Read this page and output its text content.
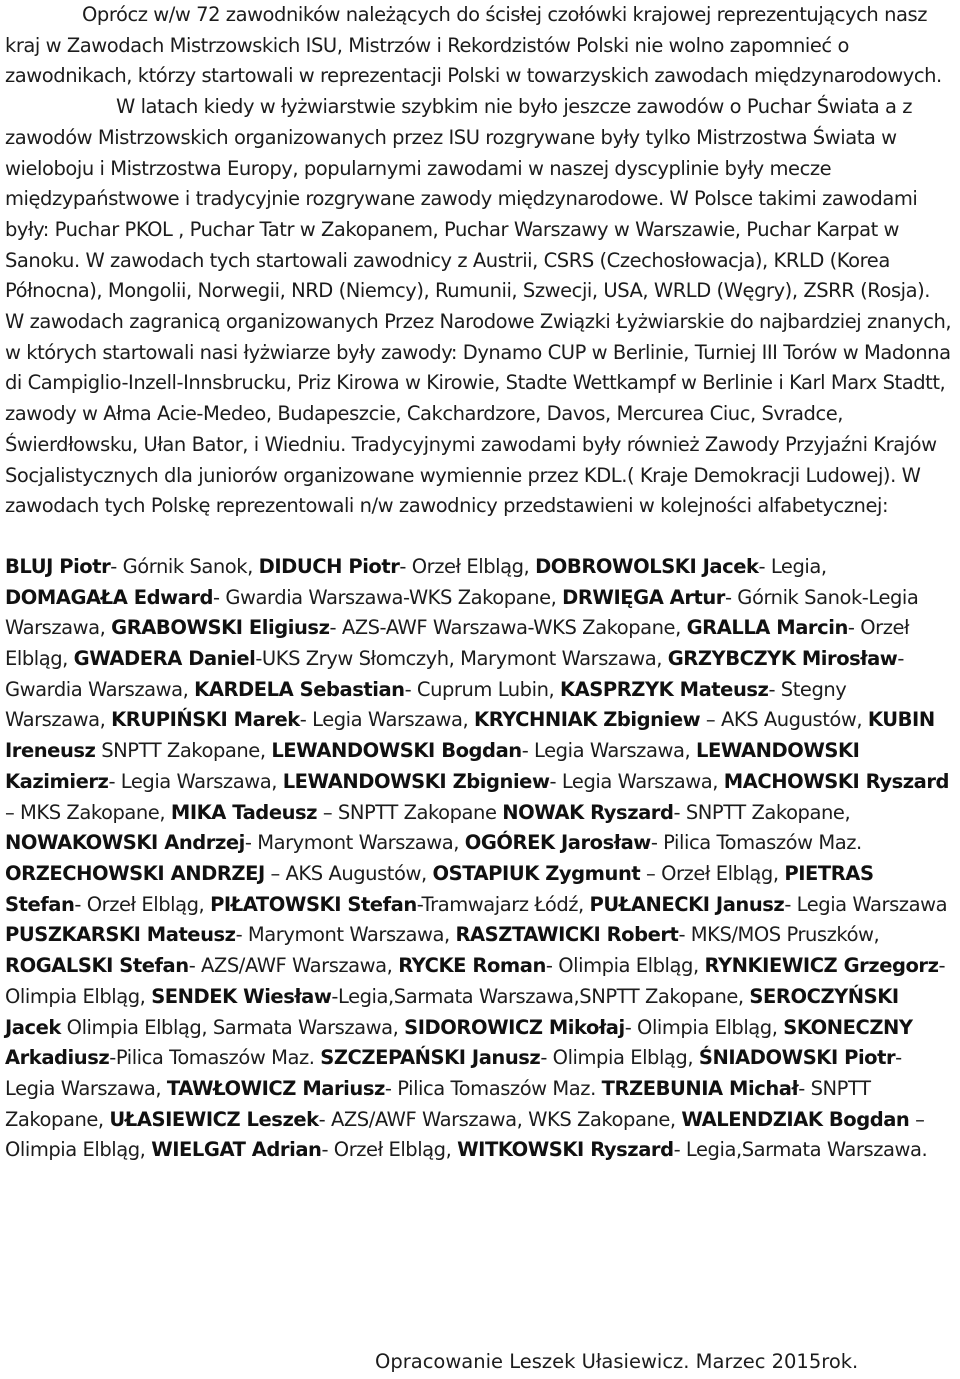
Oprócz w/w 72 zawodników należących do ścisłej czołówki krajowej reprezentujących nasz kraj w Zawodach Mistrzowskich ISU, Mistrzów i Rekordzistów Polski nie wolno zapomnieć o zawodnikach, którzy startowali w reprezentacji Polski w towarzyskich zawodach międzynarodowych.

W latach kiedy w łyżwiarstwie szybkim nie było jeszcze zawodów o Puchar Świata a z zawodów Mistrzowskich organizowanych przez ISU rozgrywane były tylko Mistrzostwa Świata w wieloboju i Mistrzostwa Europy, popularnymi zawodami w naszej dyscyplinie były mecze międzypaństwowe i tradycyjnie rozgrywane zawody międzynarodowe. W Polsce takimi zawodami były: Puchar PKOL , Puchar Tatr w Zakopanem, Puchar Warszawy w Warszawie, Puchar Karpat w Sanoku. W zawodach tych startowali zawodnicy z Austrii, CSRS (Czechosłowacja), KRLD (Korea Północna), Mongolii, Norwegii, NRD (Niemcy), Rumunii, Szwecji, USA, WRLD (Węgry), ZSRR (Rosja). W zawodach zagranicą organizowanych Przez Narodowe Związki Łyżwiarskie do najbardziej znanych, w których startowali nasi łyżwiarze były zawody: Dynamo CUP w Berlinie, Turniej III Torów w Madonna di Campiglio-Inzell-Innsbrucku, Priz Kirowa w Kirowie, Stadte Wettkampf w Berlinie i Karl Marx Stadtt, zawody w Ałma Acie-Medeo, Budapeszcie, Cakchardzore, Davos, Mercurea Ciuc, Svradce, Świerdłowsku, Ułan Bator, i Wiedniu. Tradycyjnymi zawodami były również Zawody Przyjaźni Krajów Socjalistycznych dla juniorów organizowane wymiennie przez KDL.( Kraje Demokracji Ludowej). W zawodach tych Polskę reprezentowali n/w zawodnicy przedstawieni w kolejności alfabetycznej:

BLUJ Piotr- Górnik Sanok, DIDUCH Piotr- Orzeł Elbląg, DOBROWOLSKI Jacek- Legia, DOMAGAŁA Edward- Gwardia Warszawa-WKS Zakopane, DRWIĘGA Artur- Górnik Sanok-Legia Warszawa, GRABOWSKI Eligiusz- AZS-AWF Warszawa-WKS Zakopane, GRALLA Marcin- Orzeł Elbląg, GWADERA Daniel-UKS Zryw Słomczyh, Marymont Warszawa, GRZYBCZYK Mirosław-Gwardia Warszawa, KARDELA Sebastian- Cuprum Lubin, KASPRZYK Mateusz- Stegny Warszawa, KRUPIŃSKI Marek- Legia Warszawa, KRYCHNIAK Zbigniew – AKS Augustów, KUBIN Ireneusz SNPTT Zakopane, LEWANDOWSKI Bogdan- Legia Warszawa, LEWANDOWSKI Kazimierz- Legia Warszawa, LEWANDOWSKI Zbigniew- Legia Warszawa, MACHOWSKI Ryszard – MKS Zakopane, MIKA Tadeusz – SNPTT Zakopane NOWAK Ryszard- SNPTT Zakopane, NOWAKOWSKI Andrzej- Marymont Warszawa, OGÓREK Jarosław- Pilica Tomaszów Maz. ORZECHOWSKI ANDRZEJ – AKS Augustów, OSTAPIUK Zygmunt – Orzeł Elbląg, PIETRAS Stefan- Orzeł Elbląg, PIŁATOWSKI Stefan-Tramwajarz Łódź, PUŁANECKI Janusz- Legia Warszawa PUSZKARSKI Mateusz- Marymont Warszawa, RASZTAWICKI Robert- MKS/MOS Pruszków, ROGALSKI Stefan- AZS/AWF Warszawa, RYCKE Roman- Olimpia Elbląg, RYNKIEWICZ Grzegorz- Olimpia Elbląg, SENDEK Wiesław-Legia,Sarmata Warszawa,SNPTT Zakopane, SEROCZYŃSKI Jacek Olimpia Elbląg, Sarmata Warszawa, SIDOROWICZ Mikołaj- Olimpia Elbląg, SKONECZNY Arkadiusz-Pilica Tomaszów Maz. SZCZEPAŃSKI Janusz- Olimpia Elbląg, ŚNIADOWSKI Piotr- Legia Warszawa, TAWŁOWICZ Mariusz- Pilica Tomaszów Maz. TRZEBUNIA Michał- SNPTT Zakopane, UŁASIEWICZ Leszek- AZS/AWF Warszawa, WKS Zakopane, WALENDZIAK Bogdan – Olimpia Elbląg, WIELGAT Adrian- Orzeł Elbląg, WITKOWSKI Ryszard- Legia,Sarmata Warszawa.

Opracowanie Leszek Ułasiewicz. Marzec 2015rok.
